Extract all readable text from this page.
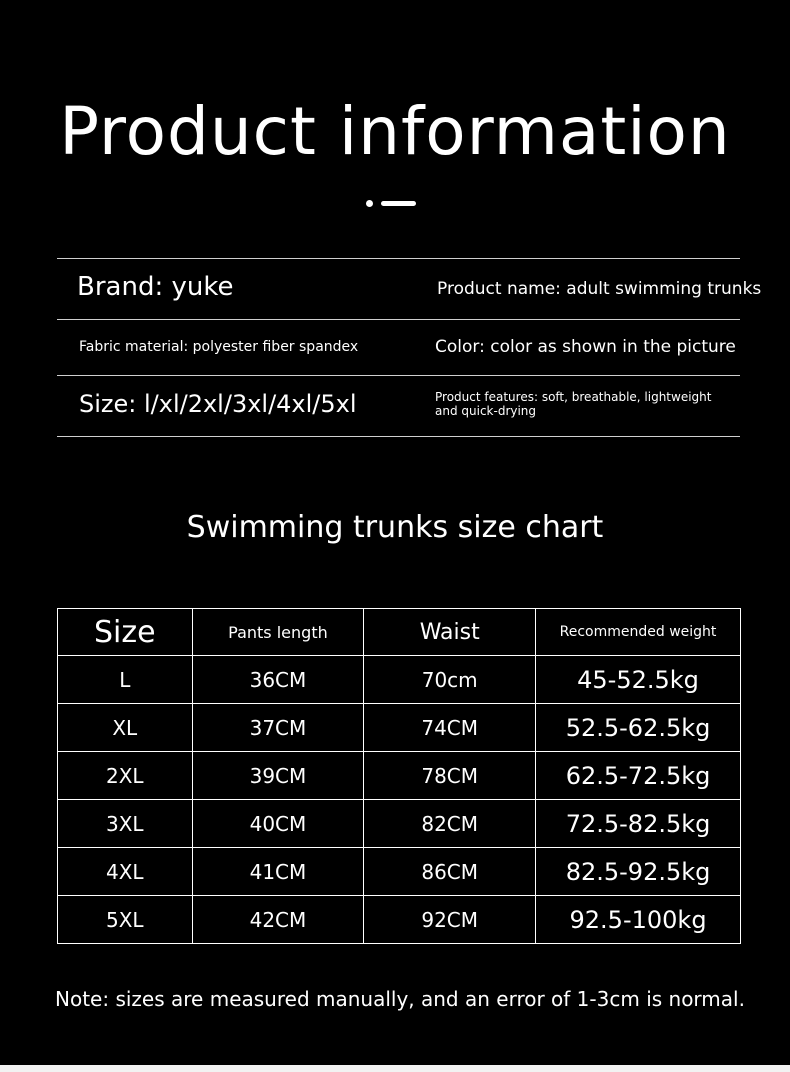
Product information
Brand: yuke	Product name: adult swimming trunks
Fabric material: polyester fiber spandex	Color: color as shown in the picture
Size: l/xl/2xl/3xl/4xl/5xl	Product features: soft, breathable, lightweight and quick-drying
Swimming trunks size chart
Size	Pants length	Waist	Recommended weight
L	36CM	70cm	45-52.5kg
XL	37CM	74CM	52.5-62.5kg
2XL	39CM	78CM	62.5-72.5kg
3XL	40CM	82CM	72.5-82.5kg
4XL	41CM	86CM	82.5-92.5kg
5XL	42CM	92CM	92.5-100kg
Note: sizes are measured manually, and an error of 1-3cm is normal.
